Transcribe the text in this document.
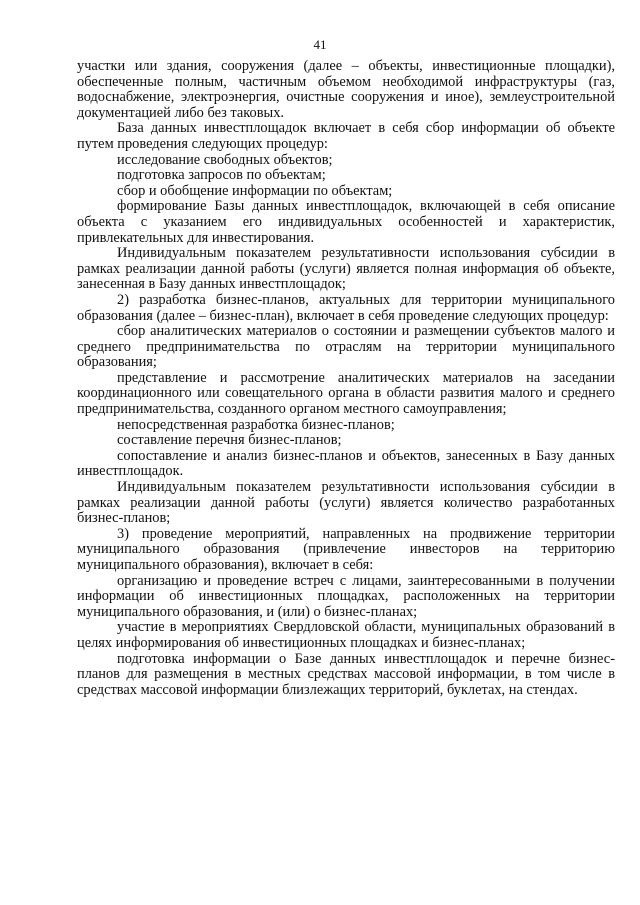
41

участки или здания, сооружения (далее – объекты, инвестиционные площадки), обеспеченные полным, частичным объемом необходимой инфраструктуры (газ, водоснабжение, электроэнергия, очистные сооружения и иное), землеустроительной документацией либо без таковых.

База данных инвестплощадок включает в себя сбор информации об объекте путем проведения следующих процедур:

исследование свободных объектов;

подготовка запросов по объектам;

сбор и обобщение информации по объектам;

формирование Базы данных инвестплощадок, включающей в себя описание объекта с указанием его индивидуальных особенностей и характеристик, привлекательных для инвестирования.

Индивидуальным показателем результативности использования субсидии в рамках реализации данной работы (услуги) является полная информация об объекте, занесенная в Базу данных инвестплощадок;

2) разработка бизнес-планов, актуальных для территории муниципального образования (далее – бизнес-план), включает в себя проведение следующих процедур:

сбор аналитических материалов о состоянии и размещении субъектов малого и среднего предпринимательства по отраслям на территории муниципального образования;

представление и рассмотрение аналитических материалов на заседании координационного или совещательного органа в области развития малого и среднего предпринимательства, созданного органом местного самоуправления;

непосредственная разработка бизнес-планов;

составление перечня бизнес-планов;

сопоставление и анализ бизнес-планов и объектов, занесенных в Базу данных инвестплощадок.

Индивидуальным показателем результативности использования субсидии в рамках реализации данной работы (услуги) является количество разработанных бизнес-планов;

3) проведение мероприятий, направленных на продвижение территории муниципального образования (привлечение инвесторов на территорию муниципального образования), включает в себя:

организацию и проведение встреч с лицами, заинтересованными в получении информации об инвестиционных площадках, расположенных на территории муниципального образования, и (или) о бизнес-планах;

участие в мероприятиях Свердловской области, муниципальных образований в целях информирования об инвестиционных площадках и бизнес-планах;

подготовка информации о Базе данных инвестплощадок и перечне бизнес-планов для размещения в местных средствах массовой информации, в том числе в средствах массовой информации близлежащих территорий, буклетах, на стендах.
